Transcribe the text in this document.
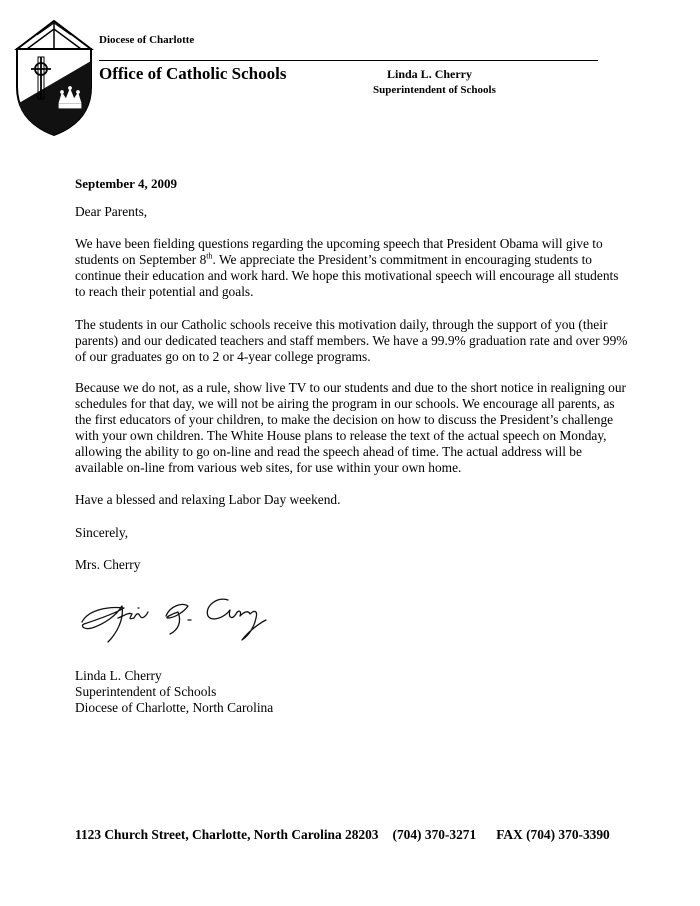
Diocese of Charlotte
Office of Catholic Schools	Linda L. Cherry
Superintendent of Schools
September 4, 2009

Dear Parents,

We have been fielding questions regarding the upcoming speech that President Obama will give to students on September 8th. We appreciate the President’s commitment in encouraging students to continue their education and work hard. We hope this motivational speech will encourage all students to reach their potential and goals.

The students in our Catholic schools receive this motivation daily, through the support of you (their parents) and our dedicated teachers and staff members. We have a 99.9% graduation rate and over 99% of our graduates go on to 2 or 4-year college programs.

Because we do not, as a rule, show live TV to our students and due to the short notice in realigning our schedules for that day, we will not be airing the program in our schools. We encourage all parents, as the first educators of your children, to make the decision on how to discuss the President’s challenge with your own children. The White House plans to release the text of the actual speech on Monday, allowing the ability to go on-line and read the speech ahead of time. The actual address will be available on-line from various web sites, for use within your own home.

Have a blessed and relaxing Labor Day weekend.

Sincerely,

Mrs. Cherry

Linda L. Cherry

Superintendent of Schools

Diocese of Charlotte, North Carolina

1123 Church Street, Charlotte, North Carolina 28203 (704) 370-3271 FAX (704) 370-3390
